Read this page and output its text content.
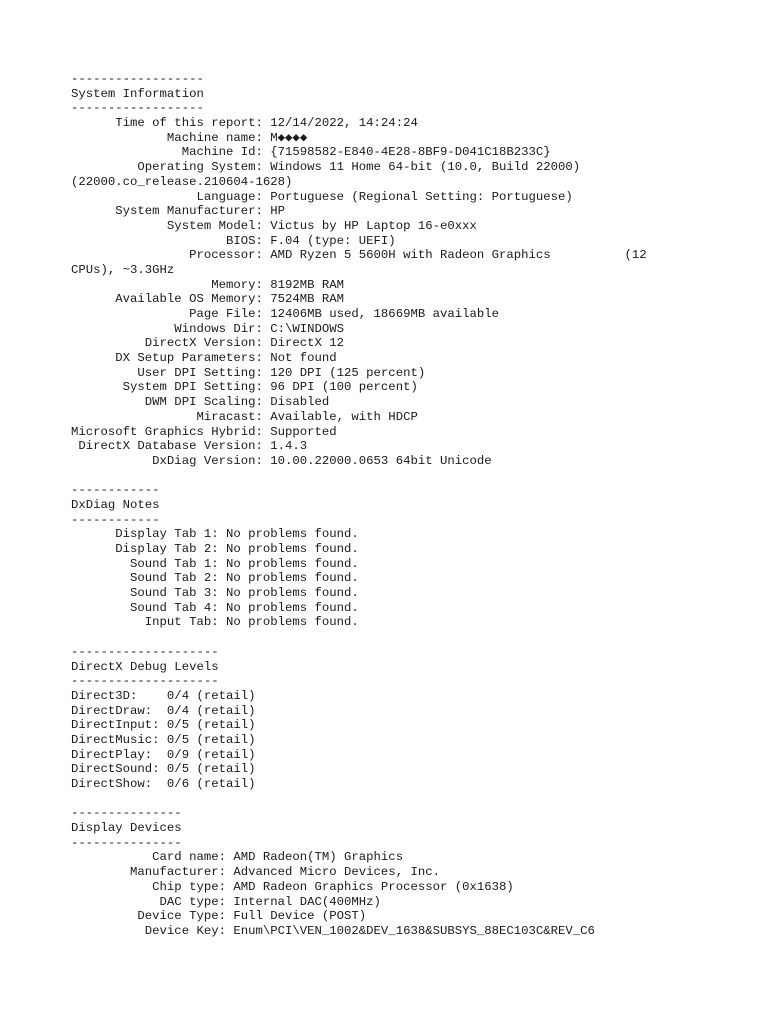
------------------
System Information
------------------
Time of this report: 12/14/2022, 14:24:24
Machine name: M◆◆◆◆
Machine Id: {71598582-E840-4E28-8BF9-D041C18B233C}
Operating System: Windows 11 Home 64-bit (10.0, Build 22000)
(22000.co_release.210604-1628)
Language: Portuguese (Regional Setting: Portuguese)
System Manufacturer: HP
System Model: Victus by HP Laptop 16-e0xxx
BIOS: F.04 (type: UEFI)
Processor: AMD Ryzen 5 5600H with Radeon Graphics          (12
CPUs), ~3.3GHz
Memory: 8192MB RAM
Available OS Memory: 7524MB RAM
Page File: 12406MB used, 18669MB available
Windows Dir: C:\WINDOWS
DirectX Version: DirectX 12
DX Setup Parameters: Not found
User DPI Setting: 120 DPI (125 percent)
System DPI Setting: 96 DPI (100 percent)
DWM DPI Scaling: Disabled
Miracast: Available, with HDCP
Microsoft Graphics Hybrid: Supported
DirectX Database Version: 1.4.3
DxDiag Version: 10.00.22000.0653 64bit Unicode
------------
DxDiag Notes
------------
Display Tab 1: No problems found.
Display Tab 2: No problems found.
Sound Tab 1: No problems found.
Sound Tab 2: No problems found.
Sound Tab 3: No problems found.
Sound Tab 4: No problems found.
Input Tab: No problems found.
--------------------
DirectX Debug Levels
--------------------
Direct3D:    0/4 (retail)
DirectDraw:  0/4 (retail)
DirectInput: 0/5 (retail)
DirectMusic: 0/5 (retail)
DirectPlay:  0/9 (retail)
DirectSound: 0/5 (retail)
DirectShow:  0/6 (retail)
---------------
Display Devices
---------------
Card name: AMD Radeon(TM) Graphics
Manufacturer: Advanced Micro Devices, Inc.
Chip type: AMD Radeon Graphics Processor (0x1638)
DAC type: Internal DAC(400MHz)
Device Type: Full Device (POST)
Device Key: Enum\PCI\VEN_1002&DEV_1638&SUBSYS_88EC103C&REV_C6
